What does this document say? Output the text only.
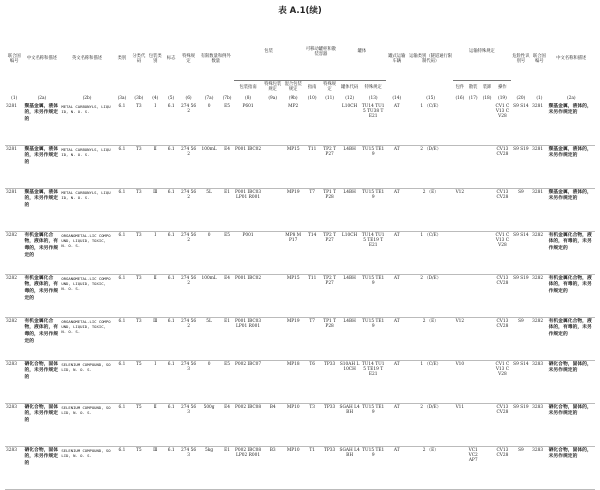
表 A.1(续)
联合国编号	中文名称和描述	英文名称和描述	类别	分类代码	包装类别	标志	特殊规定	有限数量和例外数量		包装			可移动罐柜和散装容器		罐体		罐式运输车辆	运输类别（隧道通行限制代码）	运输特殊规定				危险性识别号	联合国编号	中文名称和描述
										包装指南	特殊包装规定	混合包装规定	指南	特殊规定	罐体代码	特殊规定			包件	散装	装卸	操作			
(1)	(2a)	(2b)	(3a)	(3b)	(4)	(5)	(6)	(7a)	(7b)	(8)	(9a)	(9b)	(10)	(11)	(12)	(13)	(14)	(15)	(16)	(17)	(18)	(19)	(20)	(1)	(2a)
3281	羰基金属，液体的，未另作规定的	METAL CARBONYLS, LIQUID, N. O. S.	6.1	T3	Ⅰ	6.1	274 562	0	E5	P601		MP2			L10CH	TU14 TU15 TU38 TE21	AT	1 （C/E）				CV1 CV13 CV28	S9 S14	3281	羰基金属，液体的，未另作规定的
3281	羰基金属，液体的，未另作规定的	METAL CARBONYLS, LIQUID, N. O. S.	6.1	T3	Ⅱ	6.1	274 562	100mL	E4	P001 IBC02		MP15	T11	TP2 TP27	L4BH	TU15 TE19	AT	2 （D/E）				CV13 CV28	S9 S19	3281	羰基金属，液体的，未另作规定的
3281	羰基金属，液体的，未另作规定的	METAL CARBONYLS, LIQUID, N. O. S.	6.1	T3	Ⅲ	6.1	274 562	5L	E1	P001 IBC03 LP01 R001		MP19	T7	TP1 TP28	L4BH	TU15 TE19	AT	2 （E）	V12			CV13 CV28	S9	3281	羰基金属，液体的，未另作规定的
3282	有机金属化合物，液体的，有毒的，未另作规定的	ORGANOMETAL-LIC COMPOUND, LIQUID, TOXIC, N. O. S.	6.1	T3	Ⅰ	6.1	274 562	0	E5	P001		MP8 MP17	T14	TP2 TP27	L10CH	TU14 TU15 TE19 TE21	AT	1 （C/E）				CV1 CV13 CV28	S9 S14	3282	有机金属化合物，液体的，有毒的，未另作规定的
3282	有机金属化合物，液体的，有毒的，未另作规定的	ORGANOMETAL-LIC COMPOUND, LIQUID, TOXIC, N. O. S.	6.1	T3	Ⅱ	6.1	274 562	100mL	E4	P001 IBC02		MP15	T11	TP2 TP27	L4BH	TU15 TE19	AT	2 （D/E）				CV13 CV28	S9 S19	3282	有机金属化合物，液体的，有毒的，未另作规定的
3282	有机金属化合物，液体的，有毒的，未另作规定的	ORGANOMETAL-LIC COMPOUND, LIQUID, TOXIC, N. O. S.	6.1	T3	Ⅲ	6.1	274 562	5L	E1	P001 IBC03 LP01 R001		MP19	T7	TP1 TP28	L4BH	TU15 TE19	AT	2 （E）	V12			CV13 CV28	S9	3282	有机金属化合物，液体的，有毒的，未另作规定的
3283	硒化合物，固体的，未另作规定的	SELENIUM COMPOUND, SOLID, N. O. S.	6.1	T5	Ⅰ	6.1	274 563	0	E5	P002 IBC07		MP18	T6	TP33	S10AH L10CH	TU14 TU15 TE19 TE21	AT	1 （C/E）	V10			CV1 CV13 CV28	S9 S14	3283	硒化合物，固体的，未另作规定的
3283	硒化合物，固体的，未另作规定的	SELENIUM COMPOUND, SOLID, N. O. S.	6.1	T5	Ⅱ	6.1	274 563	500g	E4	P002 IBC08	B4	MP10	T3	TP33	SGAH L4BH	TU15 TE19	AT	2 （D/E）	V11			CV13 CV28	S9 S19	3283	硒化合物，固体的，未另作规定的
3283	硒化合物，固体的，未另作规定的	SELENIUM COMPOUND, SOLID, N. O. S.	6.1	T5	Ⅲ	6.1	274 563	5kg	E1	P002 IBC08 LP02 R001	B3	MP10	T1	TP33	SGAH L4BH	TU15 TE19	AT	2 （E）		VC1 VC2 AP7		CV13 CV28	S9	3283	硒化合物，固体的，未另作规定的
